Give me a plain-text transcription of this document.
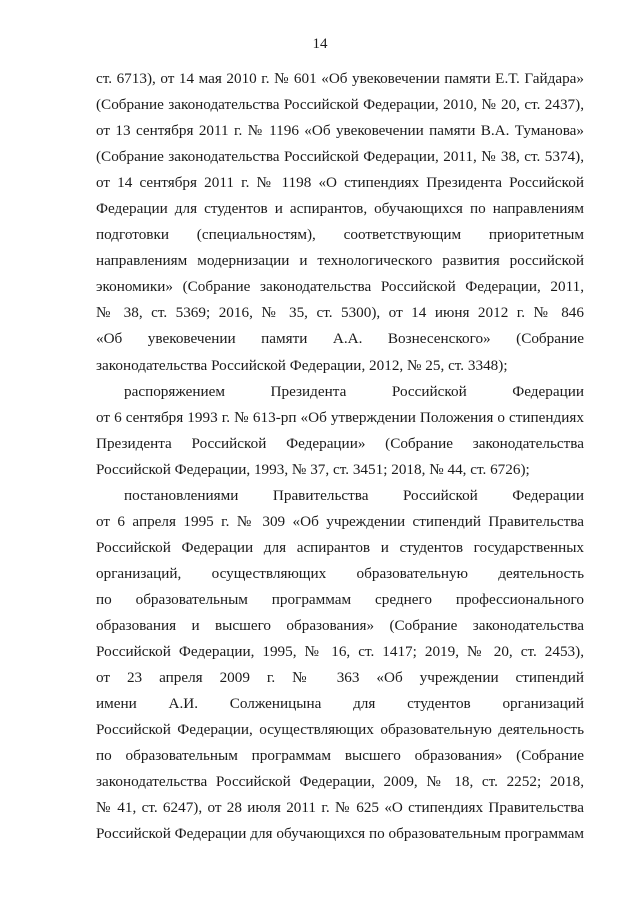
14
ст. 6713), от 14 мая 2010 г. № 601 «Об увековечении памяти Е.Т. Гайдара»
(Собрание законодательства Российской Федерации, 2010, № 20, ст. 2437),
от 13 сентября 2011 г. № 1196 «Об увековечении памяти В.А. Туманова»
(Собрание законодательства Российской Федерации, 2011, № 38, ст. 5374),
от 14 сентября 2011 г. № 1198 «О стипендиях Президента Российской
Федерации для студентов и аспирантов, обучающихся по направлениям
подготовки (специальностям), соответствующим приоритетным
направлениям модернизации и технологического развития российской
экономики» (Собрание законодательства Российской Федерации, 2011,
№ 38, ст. 5369; 2016, № 35, ст. 5300), от 14 июня 2012 г. № 846
«Об увековечении памяти А.А. Вознесенского» (Собрание
законодательства Российской Федерации, 2012, № 25, ст. 3348);
распоряжением Президента Российской Федерации
от 6 сентября 1993 г. № 613-рп «Об утверждении Положения о стипендиях
Президента Российской Федерации» (Собрание законодательства
Российской Федерации, 1993, № 37, ст. 3451; 2018, № 44, ст. 6726);
постановлениями Правительства Российской Федерации
от 6 апреля 1995 г. № 309 «Об учреждении стипендий Правительства
Российской Федерации для аспирантов и студентов государственных
организаций, осуществляющих образовательную деятельность
по образовательным программам среднего профессионального
образования и высшего образования» (Собрание законодательства
Российской Федерации, 1995, № 16, ст. 1417; 2019, № 20, ст. 2453),
от 23 апреля 2009 г. № 363 «Об учреждении стипендий
имени А.И. Солженицына для студентов организаций
Российской Федерации, осуществляющих образовательную деятельность
по образовательным программам высшего образования» (Собрание
законодательства Российской Федерации, 2009, № 18, ст. 2252; 2018,
№ 41, ст. 6247), от 28 июля 2011 г. № 625 «О стипендиях Правительства
Российской Федерации для обучающихся по образовательным программам
